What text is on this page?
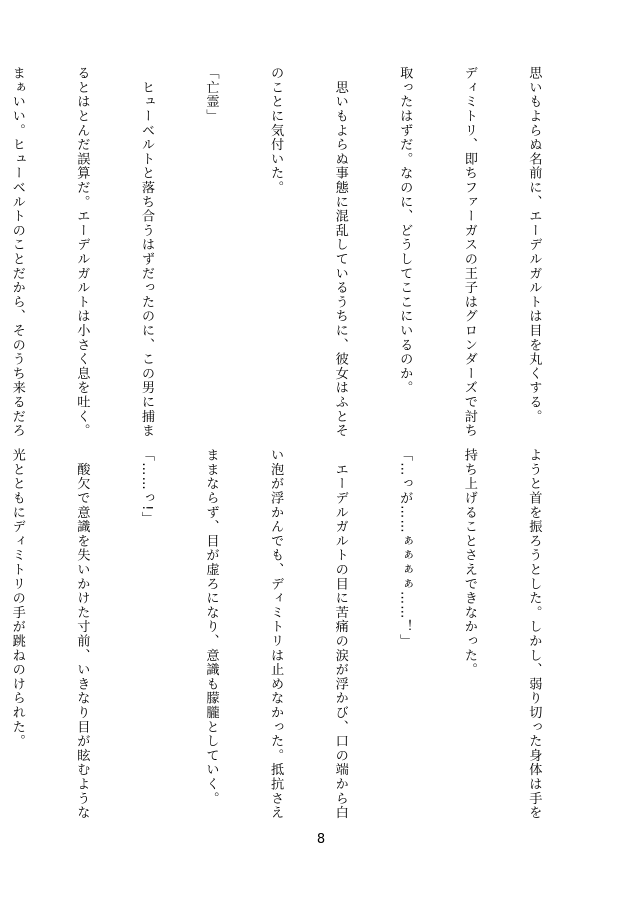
思いもよらぬ名前に、エーデルガルトは目を丸くする。

ディミトリ、即ちファーガスの王子はグロンダーズで討ち

取ったはずだ。なのに、どうしてここにいるのか。

　思いもよらぬ事態に混乱しているうちに、彼女はふとそ

のことに気付いた。

「亡霊」

　ヒューベルトと落ち合うはずだったのに、この男に捕ま

るとはとんだ誤算だ。エーデルガルトは小さく息を吐く。

まぁいい。ヒューベルトのことだから、そのうち来るだろ

ようと首を振ろうとした。しかし、弱り切った身体は手を

持ち上げることさえできなかった。

「…っが……ぁぁぁぁ……！」

　エーデルガルトの目に苦痛の涙が浮かび、口の端から白

い泡が浮かんでも、ディミトリは止めなかった。抵抗さえ

ままならず、目が虚ろになり、意識も朦朧としていく。

「……っ!」

　酸欠で意識を失いかけた寸前、いきなり目が眩むような

光とともにディミトリの手が跳ねのけられた。

8
